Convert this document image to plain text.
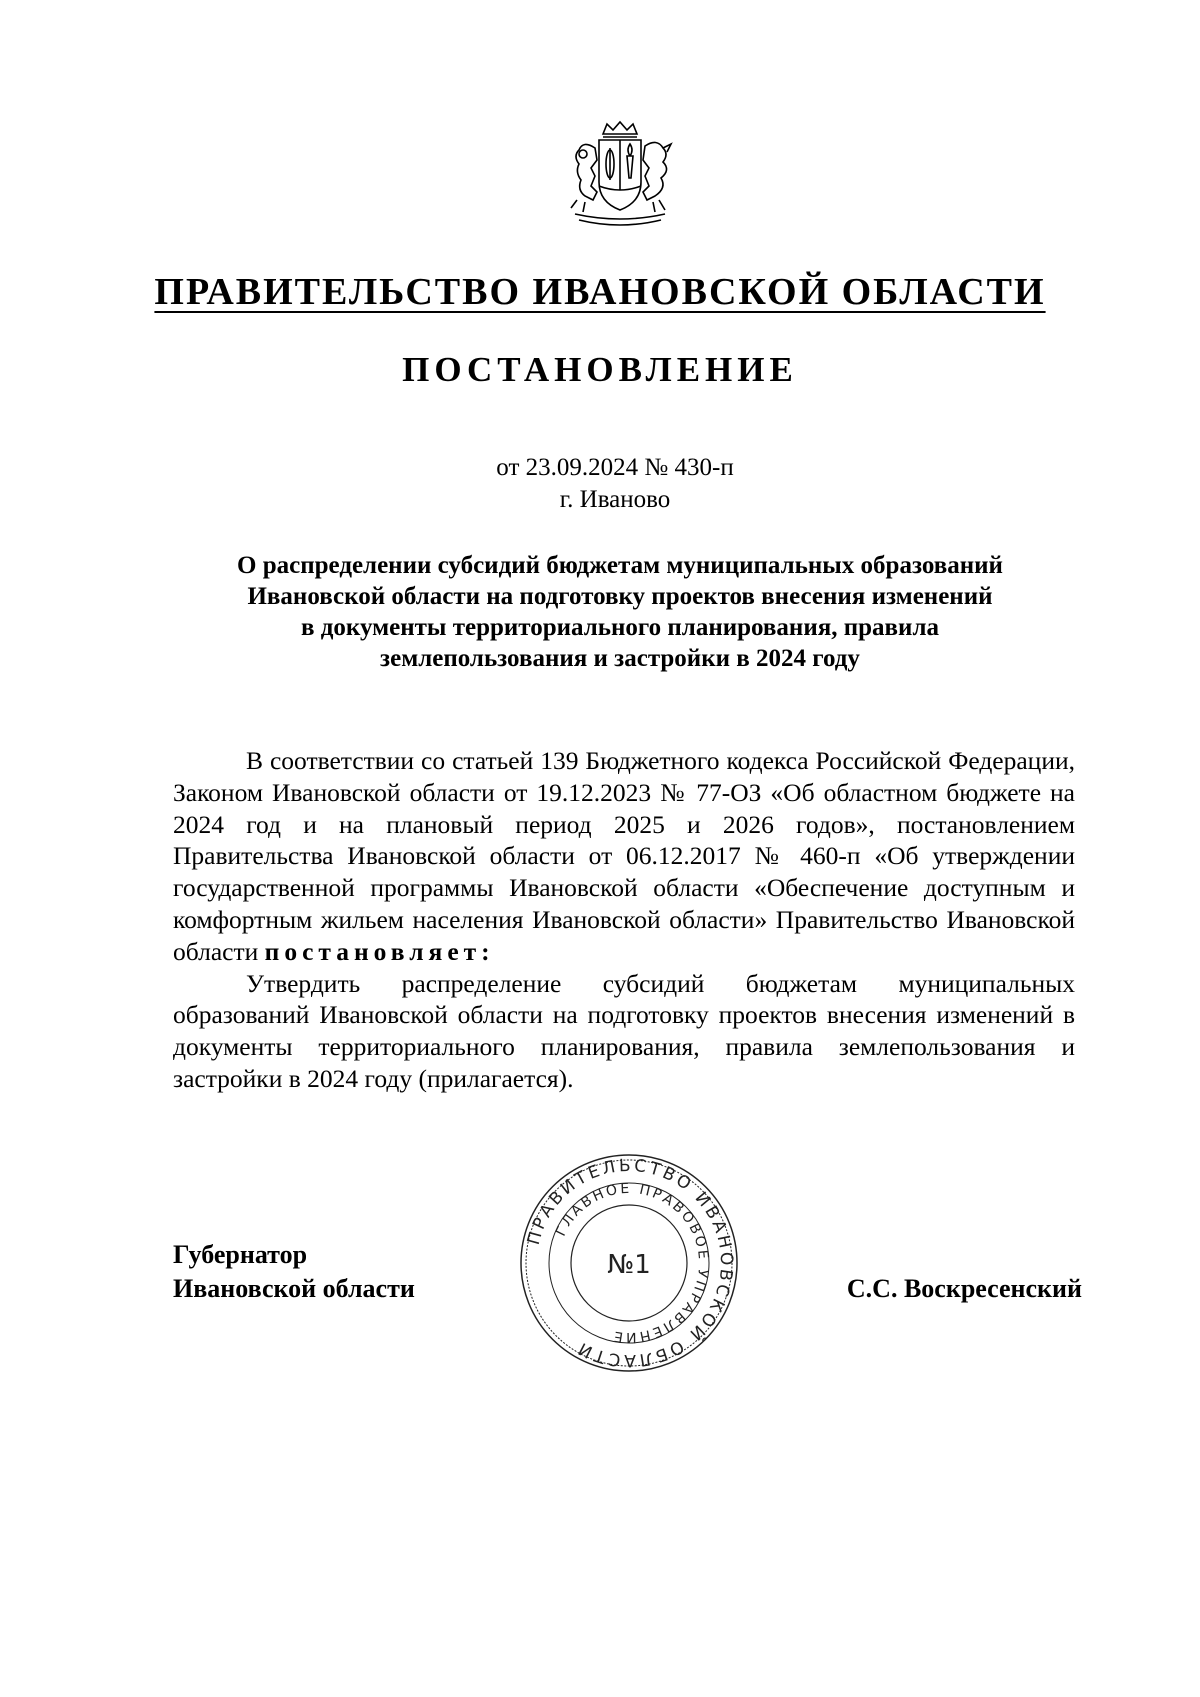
ПРАВИТЕЛЬСТВО ИВАНОВСКОЙ ОБЛАСТИ
ПОСТАНОВЛЕНИЕ
от 23.09.2024 № 430-п
г. Иваново
О распределении субсидий бюджетам муниципальных образований
Ивановской области на подготовку проектов внесения изменений
в документы территориального планирования, правила
землепользования и застройки в 2024 году

В соответствии со статьей 139 Бюджетного кодекса Российской Федерации, Законом Ивановской области от 19.12.2023 № 77-ОЗ «Об областном бюджете на 2024 год и на плановый период 2025 и 2026 годов», постановлением Правительства Ивановской области от 06.12.2017 № 460-п «Об утверждении государственной программы Ивановской области «Обеспечение доступным и комфортным жильем населения Ивановской области» Правительство Ивановской области постановляет:

Утвердить распределение субсидий бюджетам муниципальных образований Ивановской области на подготовку проектов внесения изменений в документы территориального планирования, правила землепользования и застройки в 2024 году (прилагается).

Губернатор
Ивановской области	С.С. Воскресенский
ПРАВИТЕЛЬСТВО ИВАНОВСКОЙ ОБЛАСТИ
ГЛАВНОЕ ПРАВОВОЕ УПРАВЛЕНИЕ
№1
